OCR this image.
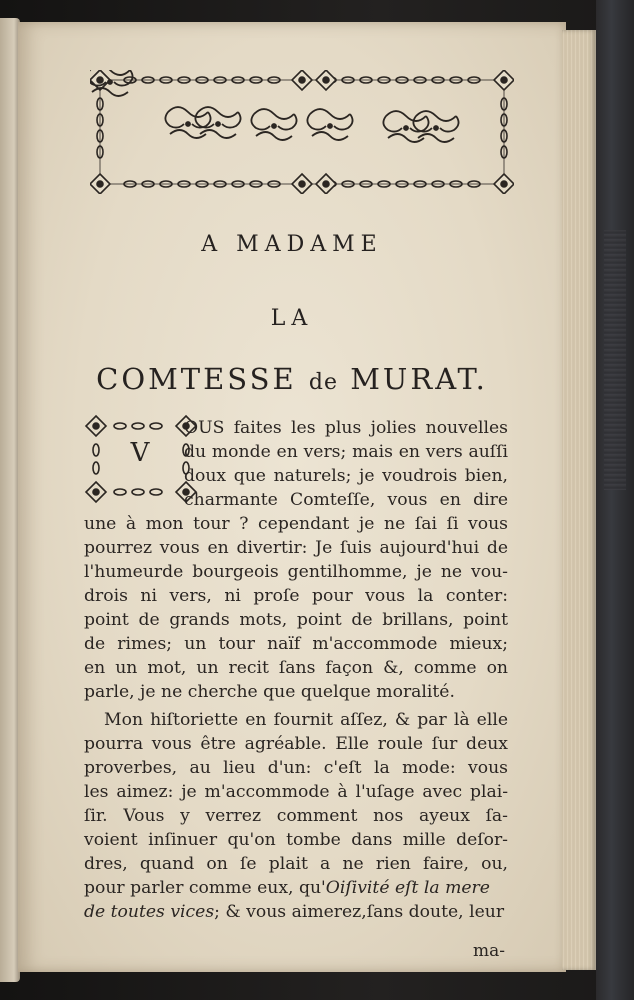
A MADAME
LA
COMTESSE de MURAT.
V
OUS faites les plus jolies nouvelles
du monde en vers; mais en vers auſſi
doux que naturels; je voudrois bien,
charmante Comteſſe, vous en dire
une à mon tour ? cependant je ne ſai ſi vous
pourrez vous en divertir: Je ſuis aujourd'hui de
l'humeurde bourgeois gentilhomme, je ne vou-
drois ni vers, ni proſe pour vous la conter:
point de grands mots, point de brillans, point
de rimes; un tour naïf m'accommode mieux;
en un mot, un recit ſans façon &, comme on
parle, je ne cherche que quelque moralité.
Mon hiſtoriette en fournit aſſez, & par là elle
pourra vous être agréable. Elle roule ſur deux
proverbes, au lieu d'un: c'eſt la mode: vous
les aimez: je m'accommode à l'uſage avec plai-
ſir. Vous y verrez comment nos ayeux ſa-
voient inſinuer qu'on tombe dans mille deſor-
dres, quand on ſe plait a ne rien faire, ou,
pour parler comme eux, qu'Oiſivité eſt la mere
de toutes vices; & vous aimerez,ſans doute, leur
ma-
